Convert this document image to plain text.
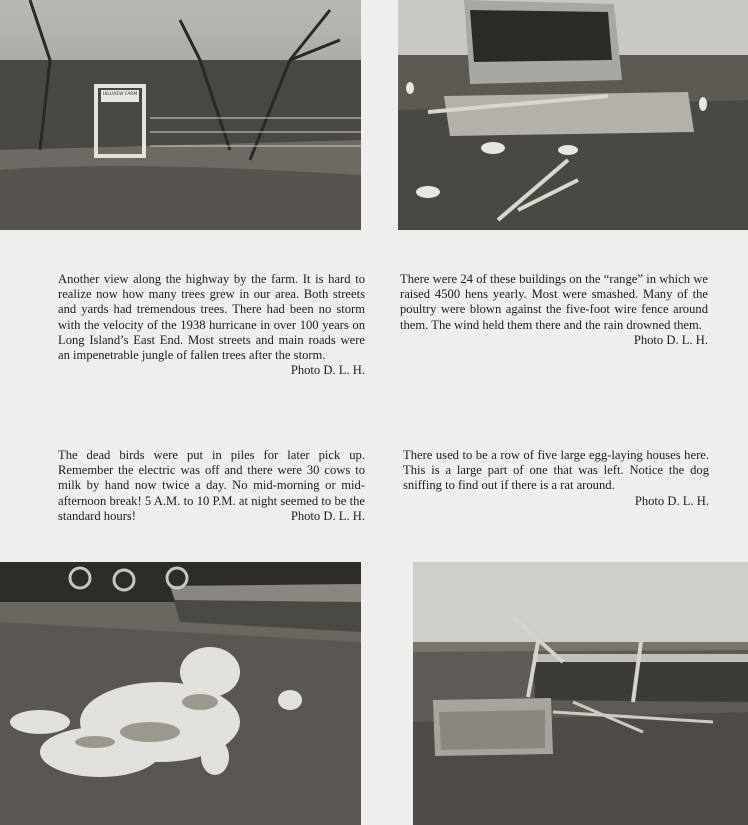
HILLVIEW FARM

Another view along the highway by the farm. It is hard to realize now how many trees grew in our area. Both streets and yards had tremendous trees. There had been no storm with the velocity of the 1938 hurricane in over 100 years on Long Island’s East End. Most streets and main roads were an impenetrable jungle of fallen trees after the storm.
Photo D. L. H.

There were 24 of these buildings on the “range” in which we raised 4500 hens yearly. Most were smashed. Many of the poultry were blown against the five-foot wire fence around them. The wind held them there and the rain drowned them.
Photo D. L. H.

The dead birds were put in piles for later pick up. Remember the electric was off and there were 30 cows to milk by hand now twice a day. No mid-morning or mid-afternoon break! 5 A.M. to 10 P.M. at night seemed to be the standard hours!	Photo D. L. H.

There used to be a row of five large egg-laying houses here. This is a large part of one that was left. Notice the dog sniffing to find out if there is a rat around.

Photo D. L. H.
